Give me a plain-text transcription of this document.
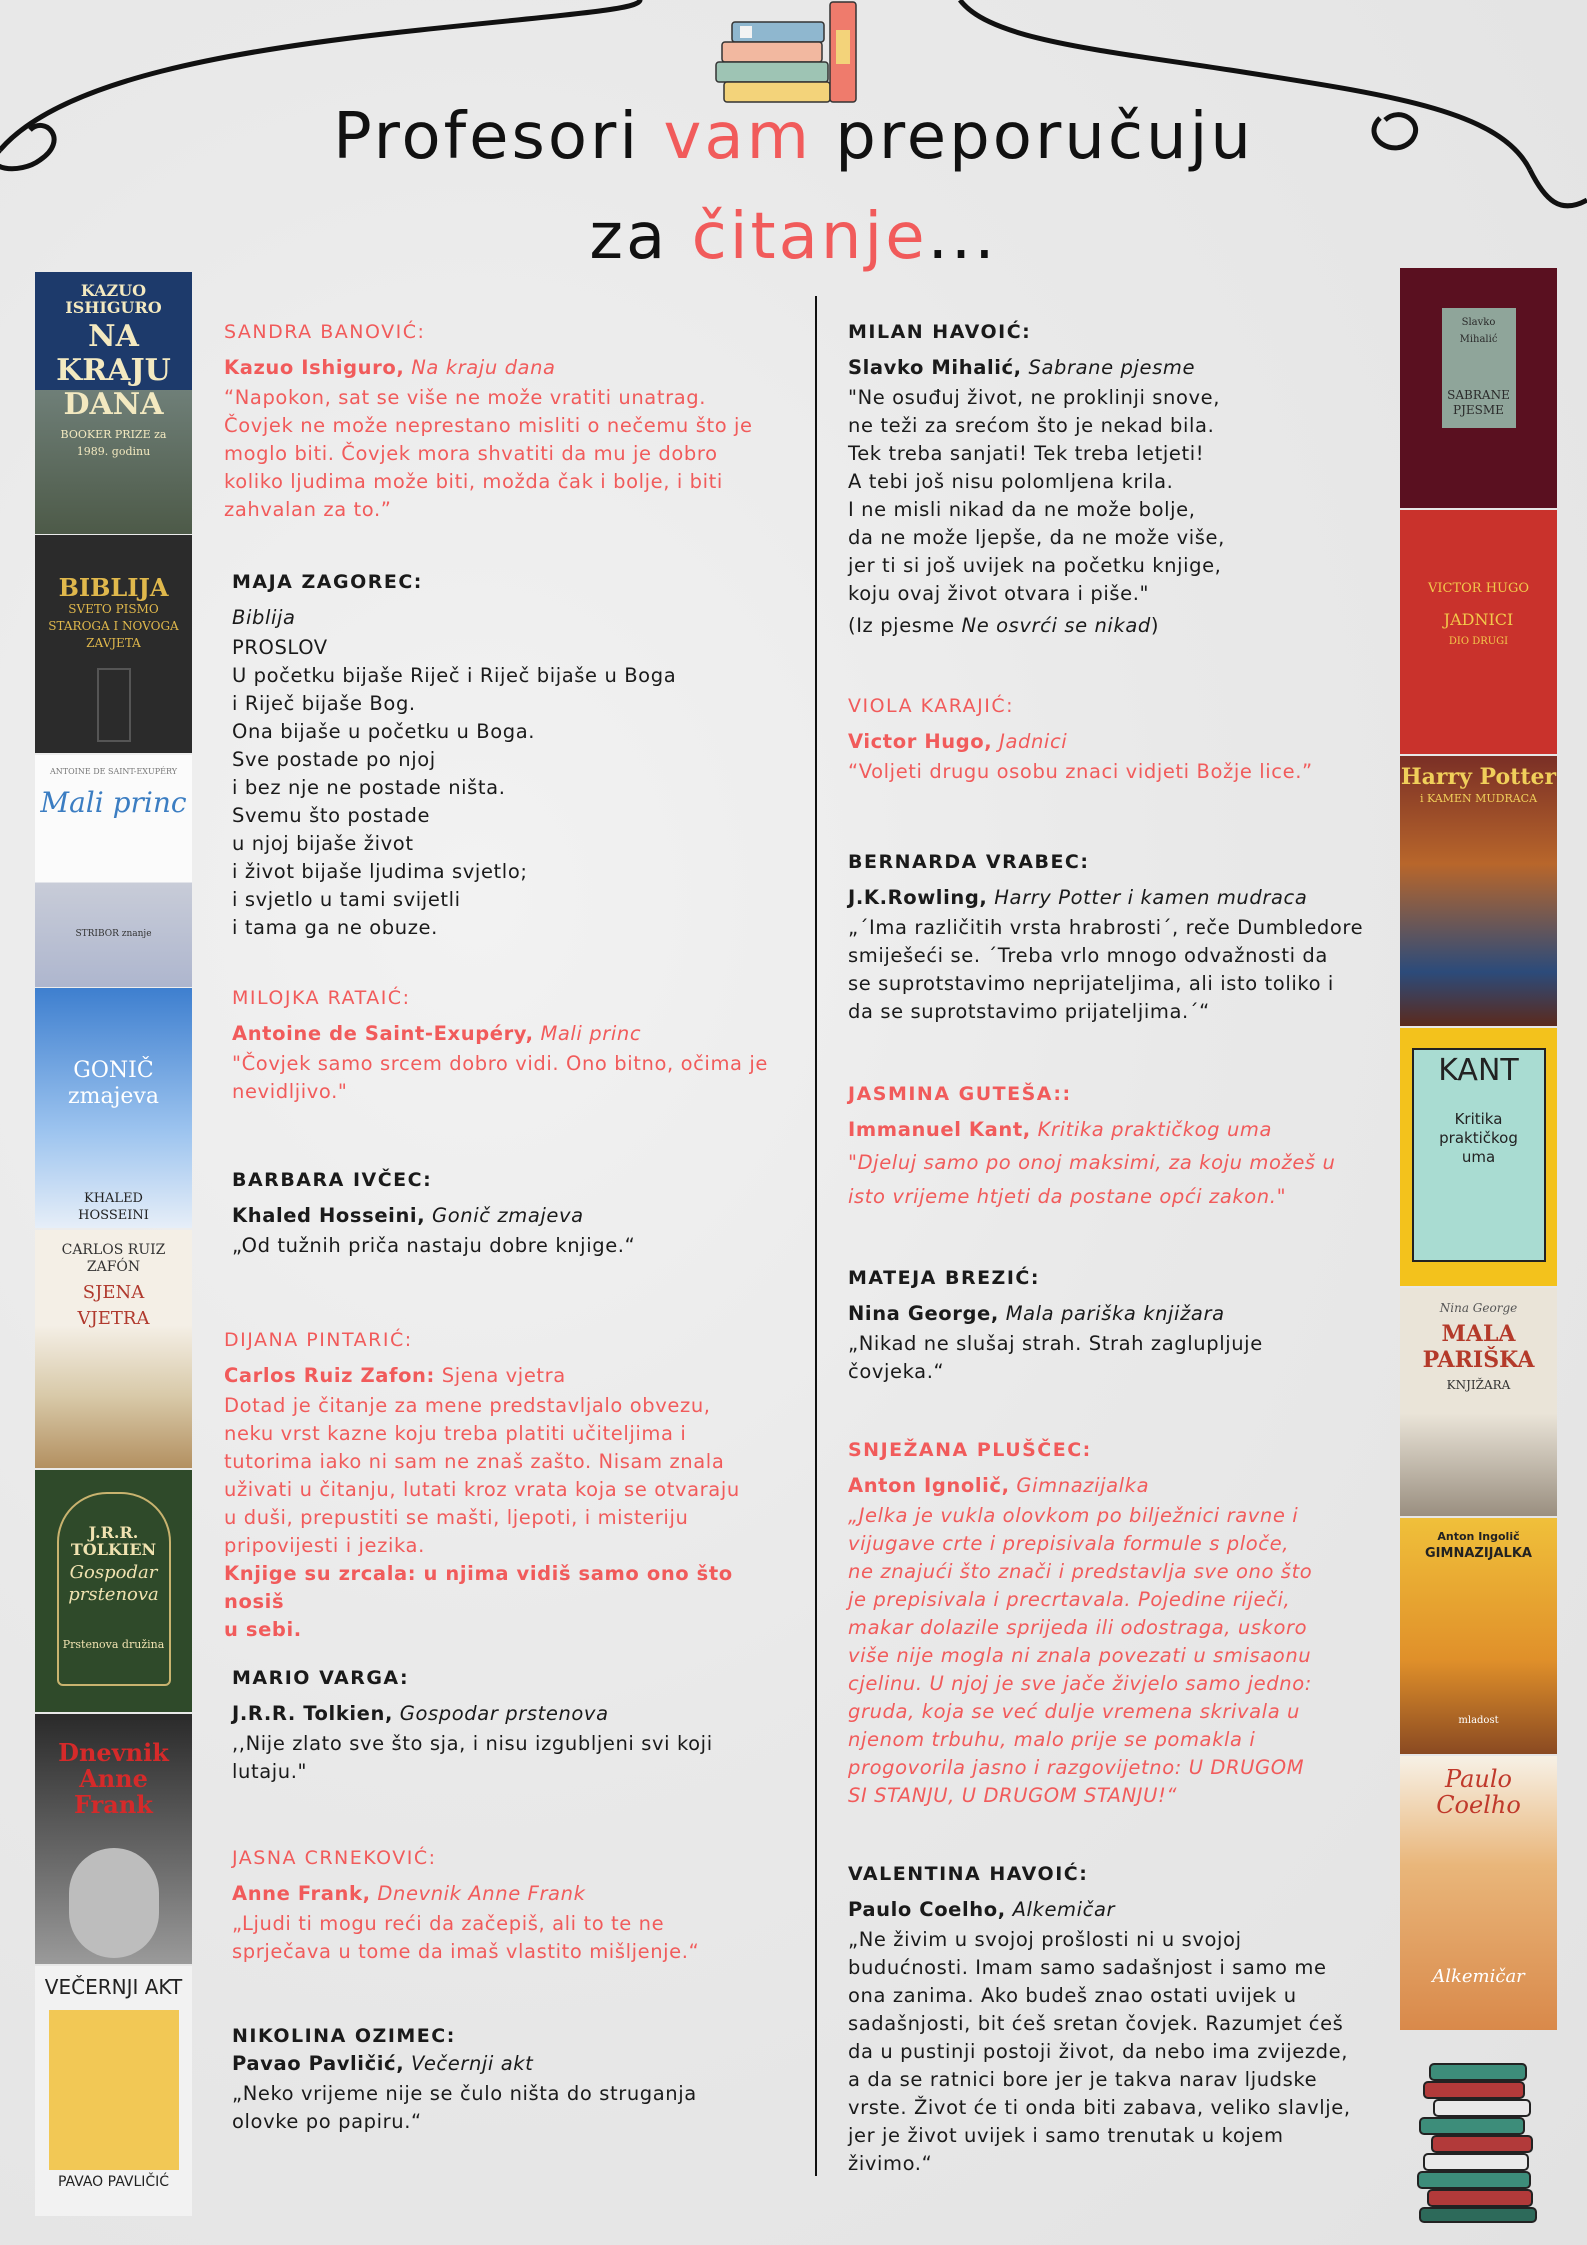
Profesori vam preporučuju
za čitanje...
KAZUO ISHIGURO
NA KRAJU DANA
BOOKER PRIZE za 1989. godinu
BIBLIJA
SVETO PISMO STAROGA I NOVOGA ZAVJETA
ANTOINE DE SAINT-EXUPÉRY
Mali princ
STRIBOR znanje
GONIČ zmajeva
KHALED HOSSEINI
CARLOS RUIZ ZAFÓN
SJENA VJETRA
J.R.R. TOLKIEN
Gospodar prstenova
Prstenova družina
Dnevnik Anne Frank
VEČERNJI AKT
PAVAO PAVLIČIĆ
Slavko Mihalić
SABRANE PJESME
VICTOR HUGO
JADNICI
DIO DRUGI
Harry Potter
i KAMEN MUDRACA
KANT
Kritika praktičkog uma
Nina George
MALA PARIŠKA
KNJIŽARA
Anton Ingolič
GIMNAZIJALKA
mladost
Paulo Coelho
Alkemičar
SANDRA BANOVIĆ:
Kazuo Ishiguro, Na kraju dana

“Napokon, sat se više ne može vratiti unatrag.

Čovjek ne može neprestano misliti o nečemu što je

moglo biti. Čovjek mora shvatiti da mu je dobro

koliko ljudima može biti, možda čak i bolje, i biti

zahvalan za to.”

MAJA ZAGOREC:
Biblija

PROSLOV

U početku bijaše Riječ i Riječ bijaše u Boga

i Riječ bijaše Bog.

Ona bijaše u početku u Boga.

Sve postade po njoj

i bez nje ne postade ništa.

Svemu što postade

u njoj bijaše život

i život bijaše ljudima svjetlo;

i svjetlo u tami svijetli

i tama ga ne obuze.

MILOJKA RATAIĆ:
Antoine de Saint-Exupéry, Mali princ

"Čovjek samo srcem dobro vidi. Ono bitno, očima je

nevidljivo."

BARBARA IVČEC:
Khaled Hosseini, Gonič zmajeva

„Od tužnih priča nastaju dobre knjige.“

DIJANA PINTARIĆ:
Carlos Ruiz Zafon: Sjena vjetra

Dotad je čitanje za mene predstavljalo obvezu,

neku vrst kazne koju treba platiti učiteljima i

tutorima iako ni sam ne znaš zašto. Nisam znala

uživati u čitanju, lutati kroz vrata koja se otvaraju

u duši, prepustiti se mašti, ljepoti, i misteriju

pripovijesti i jezika.

Knjige su zrcala: u njima vidiš samo ono što nosiš

u sebi.

MARIO VARGA:
J.R.R. Tolkien, Gospodar prstenova

,,Nije zlato sve što sja, i nisu izgubljeni svi koji

lutaju."

JASNA CRNEKOVIĆ:
Anne Frank, Dnevnik Anne Frank

„Ljudi ti mogu reći da začepiš, ali to te ne

sprječava u tome da imaš vlastito mišljenje.“

NIKOLINA OZIMEC:
Pavao Pavličić, Večernji akt

„Neko vrijeme nije se čulo ništa do struganja

olovke po papiru.“

MILAN HAVOIĆ:
Slavko Mihalić, Sabrane pjesme

"Ne osuđuj život, ne proklinji snove,

ne teži za srećom što je nekad bila.

Tek treba sanjati! Tek treba letjeti!

A tebi još nisu polomljena krila.

I ne misli nikad da ne može bolje,

da ne može ljepše, da ne može više,

jer ti si još uvijek na početku knjige,

koju ovaj život otvara i piše."

(Iz pjesme Ne osvrći se nikad)

VIOLA KARAJIĆ:
Victor Hugo, Jadnici

“Voljeti drugu osobu znaci vidjeti Božje lice.”

BERNARDA VRABEC:
J.K.Rowling, Harry Potter i kamen mudraca

„´Ima različitih vrsta hrabrosti´, reče Dumbledore

smiješeći se. ´Treba vrlo mnogo odvažnosti da

se suprotstavimo neprijateljima, ali isto toliko i

da se suprotstavimo prijateljima.´“

JASMINA GUTEŠA::
Immanuel Kant, Kritika praktičkog uma

"Djeluj samo po onoj maksimi, za koju možeš u

isto vrijeme htjeti da postane opći zakon."

MATEJA BREZIĆ:
Nina George, Mala pariška knjižara

„Nikad ne slušaj strah. Strah zaglupljuje

čovjeka.“

SNJEŽANA PLUŠČEC:
Anton Ignolič, Gimnazijalka

„Jelka je vukla olovkom po bilježnici ravne i

vijugave crte i prepisivala formule s ploče,

ne znajući što znači i predstavlja sve ono što

je prepisivala i precrtavala. Pojedine riječi,

makar dolazile sprijeda ili odostraga, uskoro

više nije mogla ni znala povezati u smisaonu

cjelinu. U njoj je sve jače živjelo samo jedno:

gruda, koja se već dulje vremena skrivala u

njenom trbuhu, malo prije se pomakla i

progovorila jasno i razgovijetno: U DRUGOM

SI STANJU, U DRUGOM STANJU!“

VALENTINA HAVOIĆ:
Paulo Coelho, Alkemičar

„Ne živim u svojoj prošlosti ni u svojoj

budućnosti. Imam samo sadašnjost i samo me

ona zanima. Ako budeš znao ostati uvijek u

sadašnjosti, bit ćeš sretan čovjek. Razumjet ćeš

da u pustinji postoji život, da nebo ima zvijezde,

a da se ratnici bore jer je takva narav ljudske

vrste. Život će ti onda biti zabava, veliko slavlje,

jer je život uvijek i samo trenutak u kojem

živimo.“
